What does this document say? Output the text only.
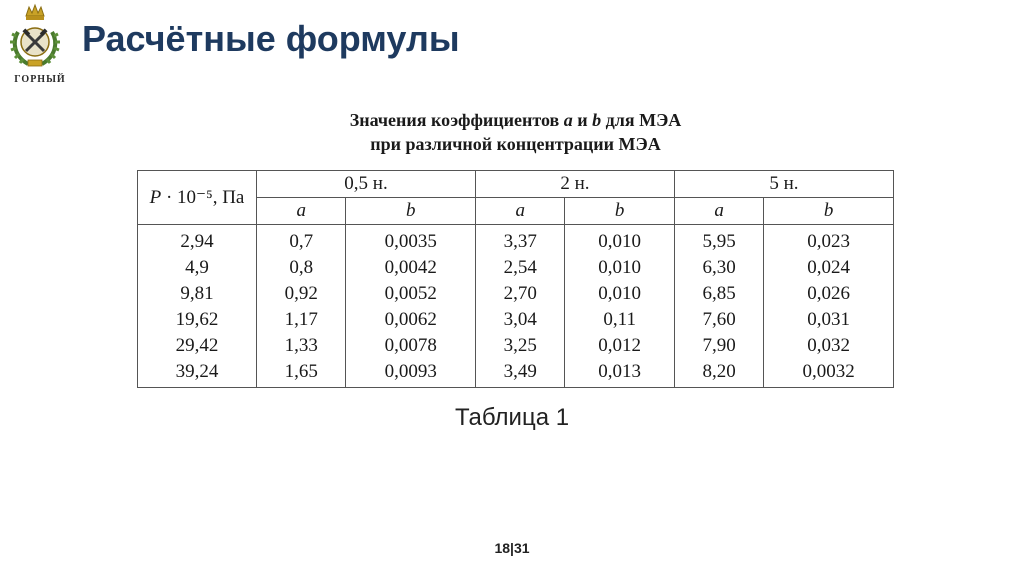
ГОРНЫЙ
Расчётные формулы
Значения коэффициентов a и b для МЭА
при различной концентрации МЭА
P · 10⁻⁵, Па	0,5 н.		2 н.		5 н.	
	a	b	a	b	a	b
2,94	0,7	0,0035	3,37	0,010	5,95	0,023
4,9	0,8	0,0042	2,54	0,010	6,30	0,024
9,81	0,92	0,0052	2,70	0,010	6,85	0,026
19,62	1,17	0,0062	3,04	0,11	7,60	0,031
29,42	1,33	0,0078	3,25	0,012	7,90	0,032
39,24	1,65	0,0093	3,49	0,013	8,20	0,0032
Таблица 1
18|31
